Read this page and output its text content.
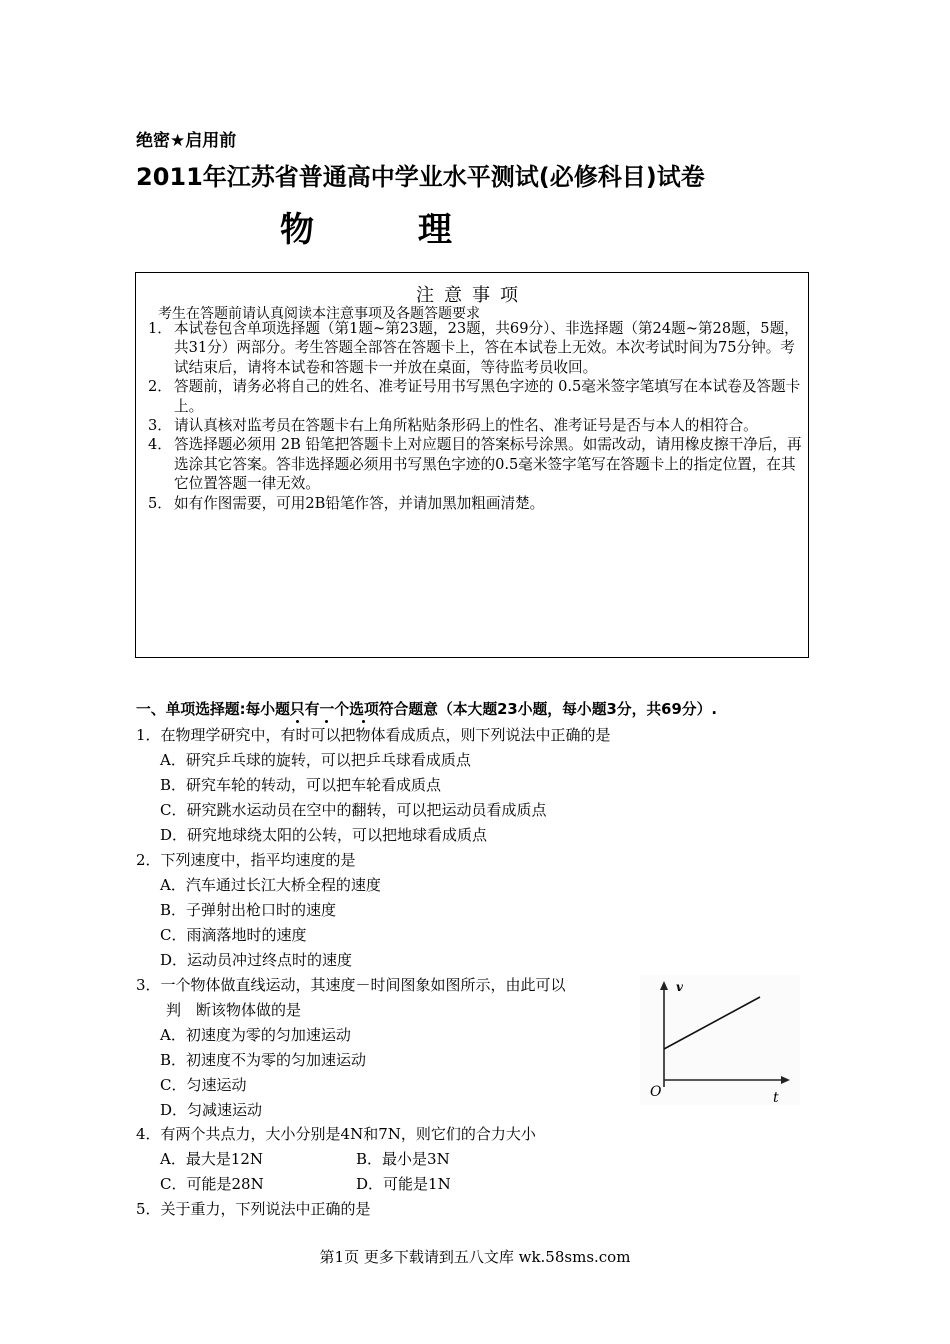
绝密★启用前
2011年江苏省普通高中学业水平测试(必修科目)试卷
物 理
注意事项
考生在答题前请认真阅读本注意事项及各题答题要求
1． 本试卷包含单项选择题（第1题~第23题，23题，共69分）、非选择题（第24题~第28题，5题，共31分）两部分。考生答题全部答在答题卡上，答在本试卷上无效。本次考试时间为75分钟。考试结束后，请将本试卷和答题卡一并放在桌面，等待监考员收回。
2． 答题前，请务必将自己的姓名、准考证号用书写黑色字迹的 0.5毫米签字笔填写在本试卷及答题卡上。
3． 请认真核对监考员在答题卡右上角所粘贴条形码上的性名、准考证号是否与本人的相符合。
4． 答选择题必须用 2B 铅笔把答题卡上对应题目的答案标号涂黑。如需改动，请用橡皮擦干净后，再选涂其它答案。答非选择题必须用书写黑色字迹的0.5毫米签字笔写在答题卡上的指定位置，在其它位置答题一律无效。
5． 如有作图需要，可用2B铅笔作答，并请加黑加粗画清楚。
一、单项选择题:每小题只有一个选项符合题意（本大题23小题，每小题3分，共69分）.
1．在物理学研究中，有时可以把物体看成质点，则下列说法中正确的是
A．研究乒乓球的旋转，可以把乒乓球看成质点
B．研究车轮的转动，可以把车轮看成质点
C．研究跳水运动员在空中的翻转，可以把运动员看成质点
D．研究地球绕太阳的公转，可以把地球看成质点
2．下列速度中，指平均速度的是
A．汽车通过长江大桥全程的速度
B．子弹射出枪口时的速度
C．雨滴落地时的速度
D．运动员冲过终点时的速度
3．一个物体做直线运动，其速度－时间图象如图所示，由此可以
判　断该物体做的是
A．初速度为零的匀加速运动
B．初速度不为零的匀加速运动
C．匀速运动
D．匀减速运动
v
O	t
4．有两个共点力，大小分别是4N和7N，则它们的合力大小
A．最大是12N	B．最小是3N
C．可能是28N	D．可能是1N
5．关于重力，下列说法中正确的是
第1页 更多下载请到五八文库 wk.58sms.com
